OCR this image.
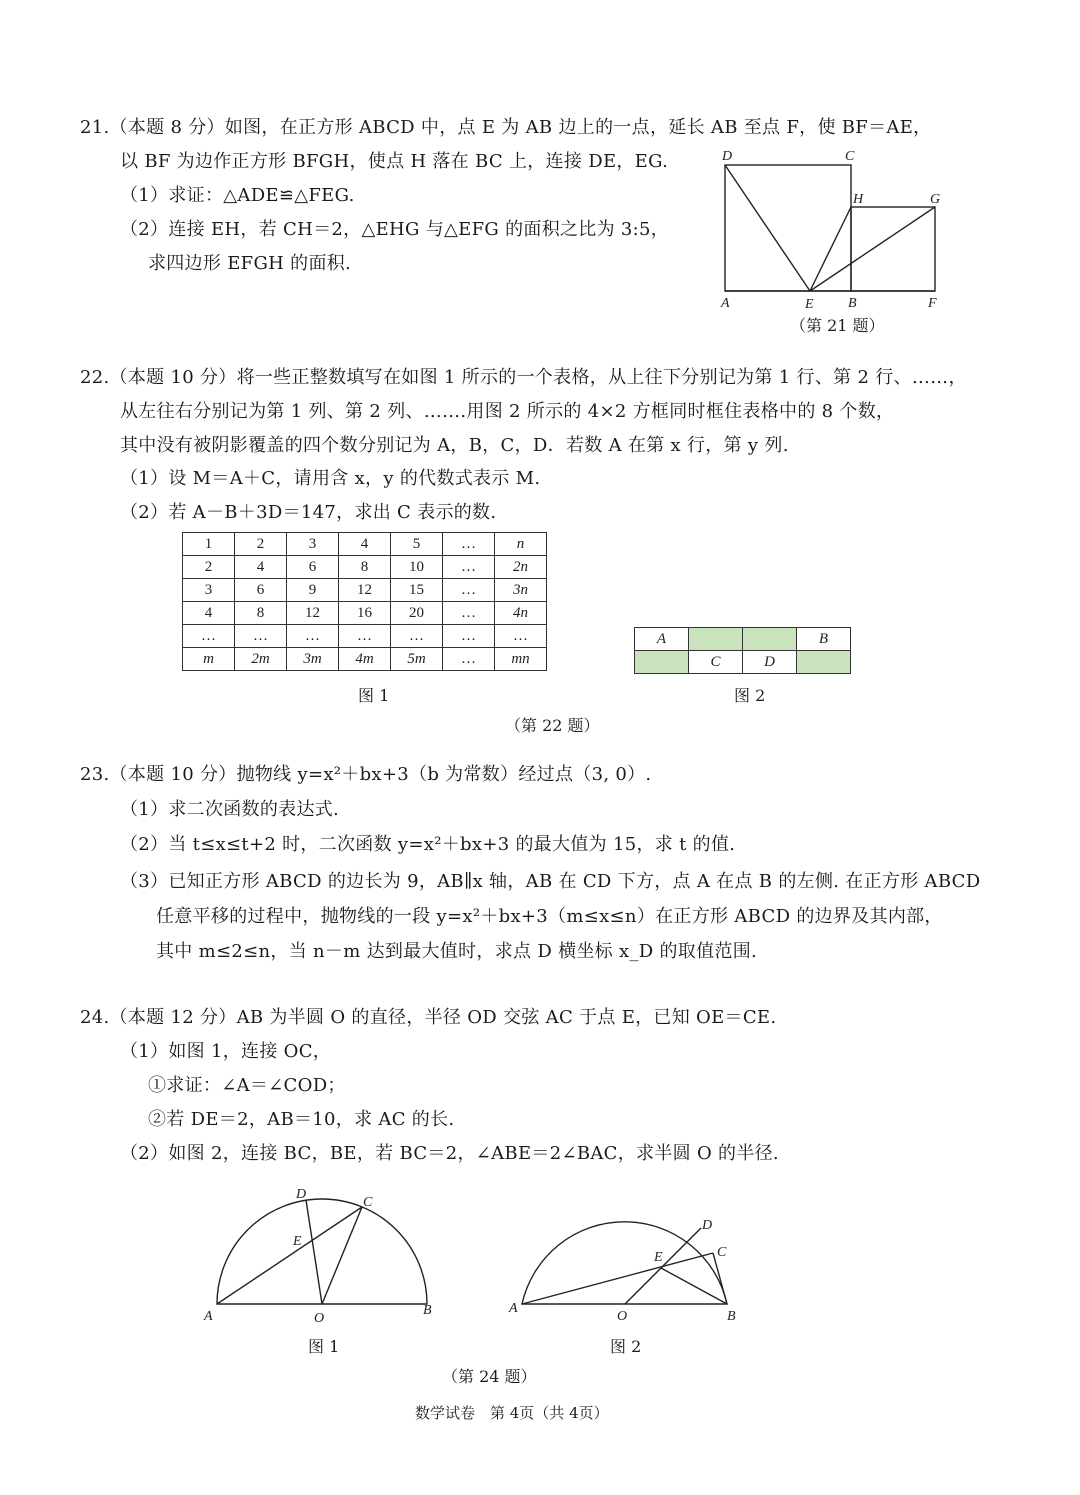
21.（本题 8 分）如图，在正方形 ABCD 中，点 E 为 AB 边上的一点，延长 AB 至点 F，使 BF＝AE，
以 BF 为边作正方形 BFGH，使点 H 落在 BC 上，连接 DE，EG.
（1）求证：△ADE≌△FEG.
（2）连接 EH，若 CH＝2，△EHG 与△EFG 的面积之比为 3:5，
求四边形 EFGH 的面积.
D	C
H	G
A	E B	F
（第 21 题）
22.（本题 10 分）将一些正整数填写在如图 1 所示的一个表格，从上往下分别记为第 1 行、第 2 行、……，
从左往右分别记为第 1 列、第 2 列、…….用图 2 所示的 4×2 方框同时框住表格中的 8 个数，
其中没有被阴影覆盖的四个数分别记为 A，B，C，D．若数 A 在第 x 行，第 y 列.
（1）设 M＝A＋C，请用含 x，y 的代数式表示 M.
（2）若 A－B＋3D＝147，求出 C 表示的数.
1	2	3	4	5	…	n
2	4	6	8	10	…	2n
3	6	9	12	15	…	3n
4	8	12	16	20	…	4n
…	…	…	…	…	…	…
m	2m	3m	4m	5m	…	mn
图 1
A			B
	C	D	
图 2
（第 22 题）
23.（本题 10 分）抛物线 y=x²＋bx+3（b 为常数）经过点（3, 0）.
（1）求二次函数的表达式.
（2）当 t≤x≤t+2 时，二次函数 y=x²＋bx+3 的最大值为 15，求 t 的值.
（3）已知正方形 ABCD 的边长为 9，AB∥x 轴，AB 在 CD 下方，点 A 在点 B 的左侧. 在正方形 ABCD
任意平移的过程中，抛物线的一段 y=x²＋bx+3（m≤x≤n）在正方形 ABCD 的边界及其内部，
其中 m≤2≤n，当 n－m 达到最大值时，求点 D 横坐标 x_D 的取值范围.
24.（本题 12 分）AB 为半圆 O 的直径，半径 OD 交弦 AC 于点 E，已知 OE＝CE.
（1）如图 1，连接 OC，
①求证：∠A＝∠COD；
②若 DE＝2，AB＝10，求 AC 的长.
（2）如图 2，连接 BC，BE，若 BC＝2，∠ABE＝2∠BAC，求半圆 O 的半径.
D
C
E
A	O
B
图 1
D
C
E
A
O	B
图 2
（第 24 题）
数学试卷　第 4页（共 4页）
